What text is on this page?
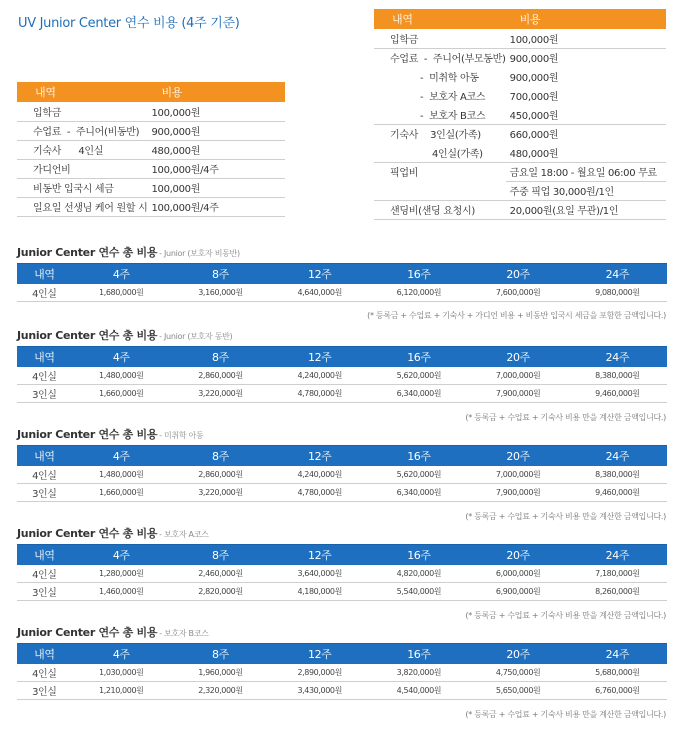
UV Junior Center 연수 비용 (4주 기준)
내역	비용
입학금	100,000원
수업료  -  주니어(비동반)	900,000원
기숙사      4인실	480,000원
가디언비	100,000원/4주
비동반 입국시 세금	100,000원
일요일 선생님 케어 원할 시	100,000원/4주
내역	비용
입학금	100,000원
수업료  -  주니어(부모동반)	900,000원
-  미취학 아동	900,000원
-  보호자 A코스	700,000원
-  보호자 B코스	450,000원
기숙사 3인실(가족)	660,000원
4인실(가족)	480,000원
픽업비	금요일 18:00 - 월요일 06:00 무료
	주중 픽업 30,000원/1인
샌딩비(샌딩 요청시)	20,000원(요일 무관)/1인
Junior Center 연수 총 비용 - Junior (보호자 비동반)
내역	4주	8주	12주	16주	20주	24주
4인실	1,680,000원	3,160,000원	4,640,000원	6,120,000원	7,600,000원	9,080,000원
(* 등록금 + 수업료 + 기숙사 + 가디언 비용 + 비동반 입국시 세금을 포함한 금액입니다.)
Junior Center 연수 총 비용 - Junior (보호자 동반)
내역	4주	8주	12주	16주	20주	24주
4인실	1,480,000원	2,860,000원	4,240,000원	5,620,000원	7,000,000원	8,380,000원
3인실	1,660,000원	3,220,000원	4,780,000원	6,340,000원	7,900,000원	9,460,000원
(* 등록금 + 수업료 + 기숙사 비용 만을 계산한 금액입니다.)
Junior Center 연수 총 비용 - 미취학 아동
내역	4주	8주	12주	16주	20주	24주
4인실	1,480,000원	2,860,000원	4,240,000원	5,620,000원	7,000,000원	8,380,000원
3인실	1,660,000원	3,220,000원	4,780,000원	6,340,000원	7,900,000원	9,460,000원
(* 등록금 + 수업료 + 기숙사 비용 만을 계산한 금액입니다.)
Junior Center 연수 총 비용 - 보호자 A코스
내역	4주	8주	12주	16주	20주	24주
4인실	1,280,000원	2,460,000원	3,640,000원	4,820,000원	6,000,000원	7,180,000원
3인실	1,460,000원	2,820,000원	4,180,000원	5,540,000원	6,900,000원	8,260,000원
(* 등록금 + 수업료 + 기숙사 비용 만을 계산한 금액입니다.)
Junior Center 연수 총 비용 - 보호자 B코스
내역	4주	8주	12주	16주	20주	24주
4인실	1,030,000원	1,960,000원	2,890,000원	3,820,000원	4,750,000원	5,680,000원
3인실	1,210,000원	2,320,000원	3,430,000원	4,540,000원	5,650,000원	6,760,000원
(* 등록금 + 수업료 + 기숙사 비용 만을 계산한 금액입니다.)
